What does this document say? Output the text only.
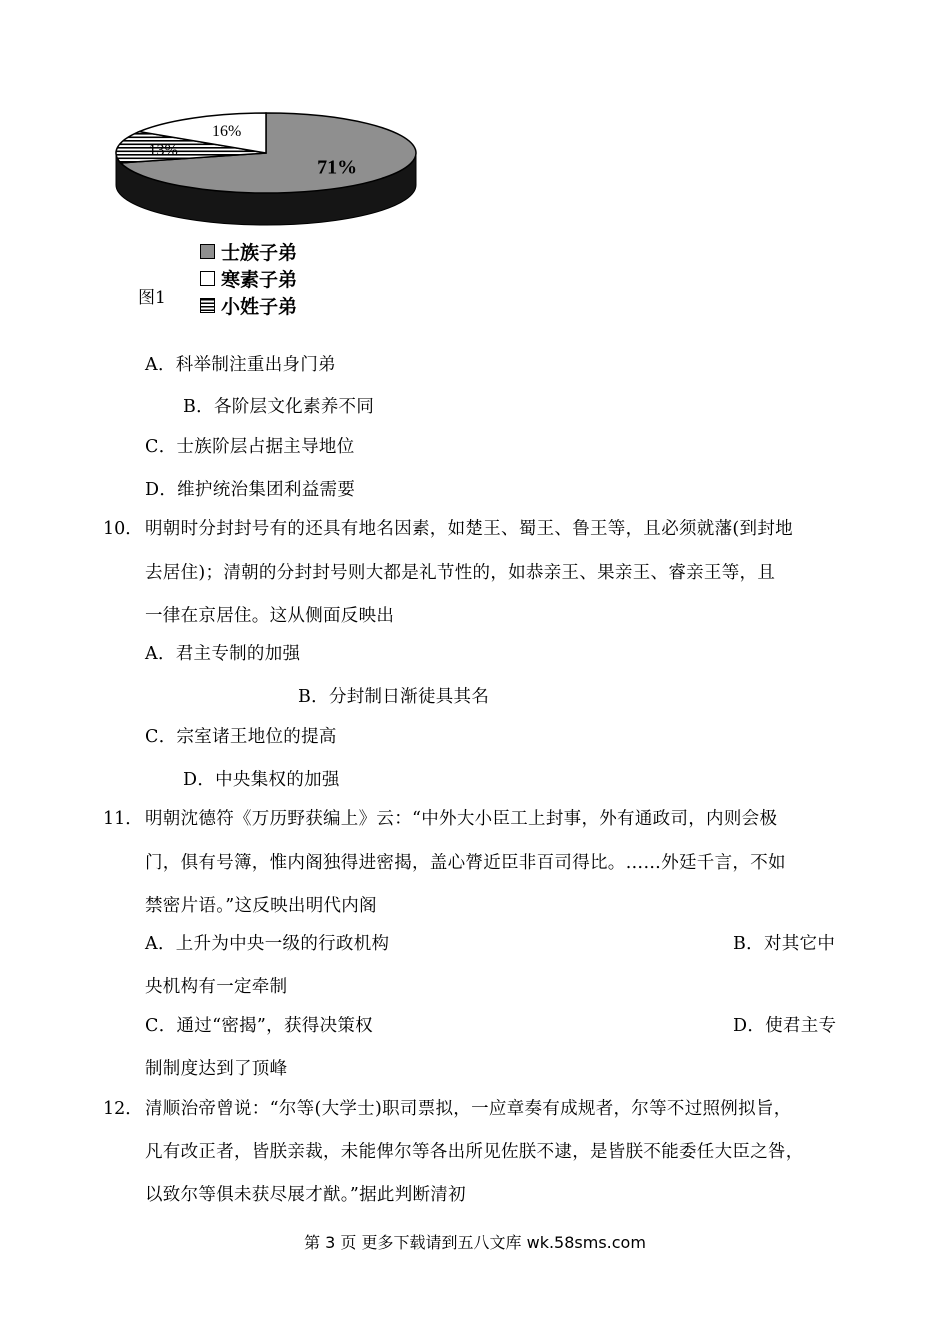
71%
16%
13%
图1
士族子弟
寒素子弟
小姓子弟
A．科举制注重出身门弟
B．各阶层文化素养不同
C．士族阶层占据主导地位
D．维护统治集团利益需要
10． 明朝时分封封号有的还具有地名因素，如楚王、蜀王、鲁王等，且必须就藩(到封地
去居住)；清朝的分封封号则大都是礼节性的，如恭亲王、果亲王、睿亲王等，且
一律在京居住。这从侧面反映出
A．君主专制的加强
B．分封制日渐徒具其名
C．宗室诸王地位的提高
D．中央集权的加强
11． 明朝沈德符《万历野获编上》云：“中外大小臣工上封事，外有通政司，内则会极
门，俱有号簿，惟内阁独得进密揭，盖心膂近臣非百司得比。……外廷千言，不如
禁密片语。”这反映出明代内阁
A．上升为中央一级的行政机构	B．对其它中
央机构有一定牵制
C．通过“密揭”，获得决策权	D．使君主专
制制度达到了顶峰
12． 清顺治帝曾说：“尔等(大学士)职司票拟，一应章奏有成规者，尔等不过照例拟旨，
凡有改正者，皆朕亲裁，未能俾尔等各出所见佐朕不逮，是皆朕不能委任大臣之咎，
以致尔等俱未获尽展才猷。”据此判断清初
第 3 页 更多下载请到五八文库 wk.58sms.com
